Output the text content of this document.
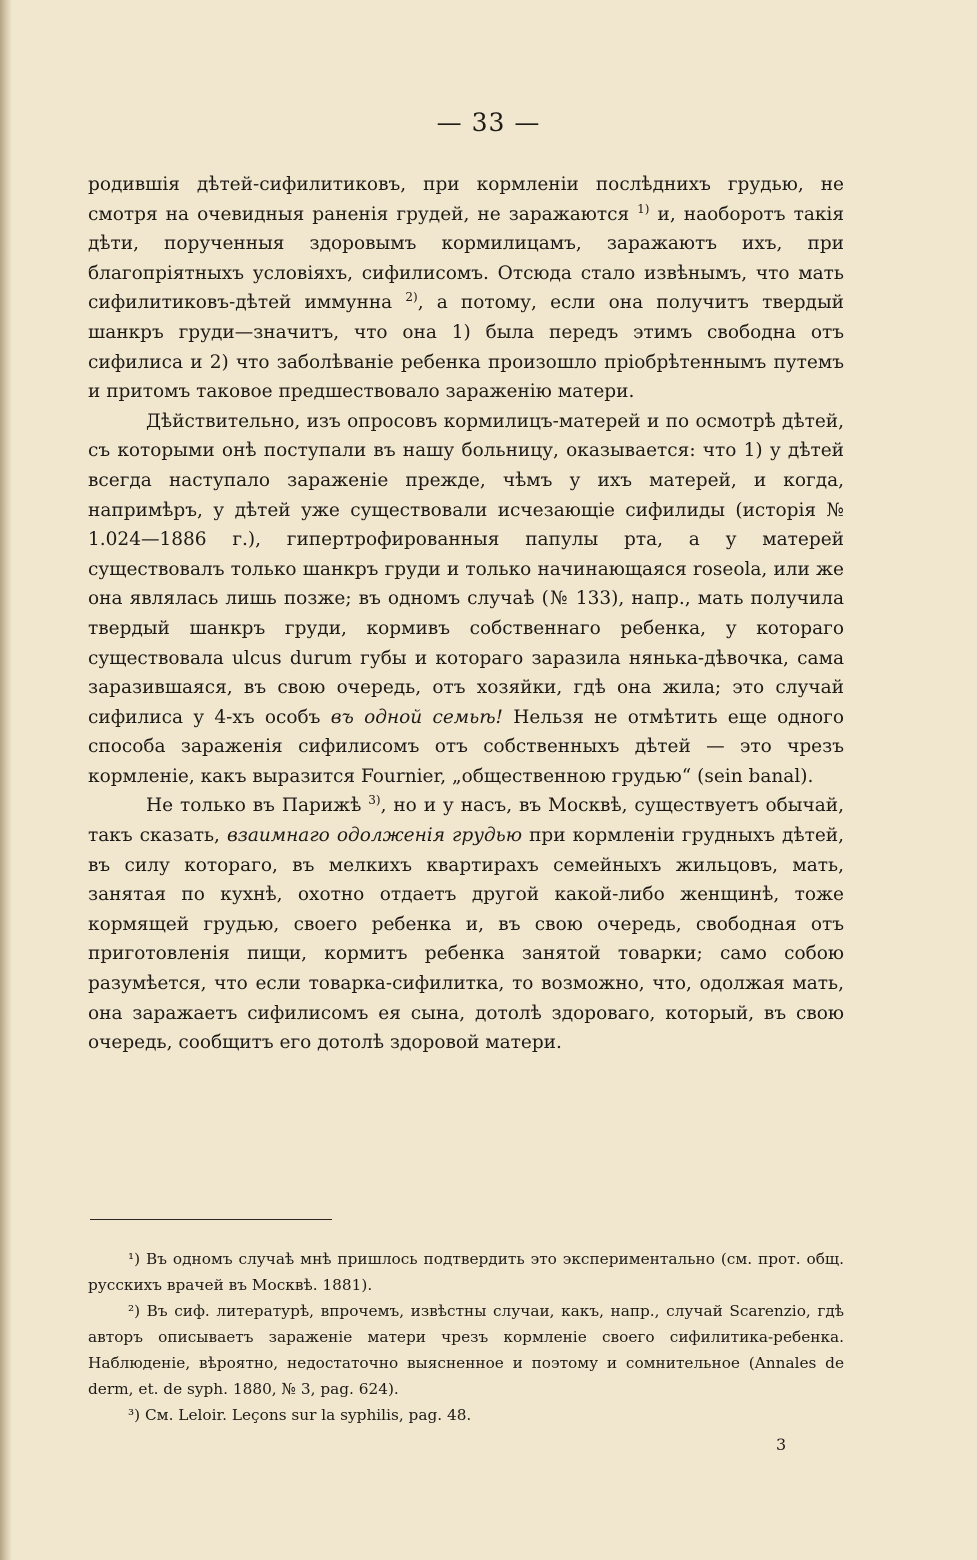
— 33 —

родившія дѣтей-сифилитиковъ, при кормленіи послѣднихъ грудью, не смотря на очевидныя раненія грудей, не заражаются $^{1)}$ и, наоборотъ такія дѣти, порученныя здоровымъ кормилицамъ, заражаютъ ихъ, при благопріятныхъ условіяхъ, сифилисомъ. Отсюда стало извѣнымъ, что мать сифилитиковъ-дѣтей иммунна $^{2)}$, а потому, если она получитъ твердый шанкръ груди—значитъ, что она 1) была передъ этимъ свободна отъ сифилиса и 2) что заболѣваніе ребенка произошло пріобрѣтеннымъ путемъ и притомъ таковое предшествовало зараженію матери.

Дѣйствительно, изъ опросовъ кормилицъ-матерей и по осмотрѣ дѣтей, съ которыми онѣ поступали въ нашу больницу, оказывается: что 1) у дѣтей всегда наступало зараженіе прежде, чѣмъ у ихъ матерей, и когда, напримѣръ, у дѣтей уже существовали исчезающіе сифилиды (исторія № 1.024—1886 г.), гипертрофированныя папулы рта, а у матерей существовалъ только шанкръ груди и только начинающаяся roseola, или же она являлась лишь позже; въ одномъ случаѣ (№ 133), напр., мать получила твердый шанкръ груди, кормивъ собственнаго ребенка, у котораго существовала ulcus durum губы и котораго заразила нянька-дѣвочка, сама заразившаяся, въ свою очередь, отъ хозяйки, гдѣ она жила; это случай сифилиса у 4-хъ особъ въ одной семьѣ! Нельзя не отмѣтить еще одного способа зараженія сифилисомъ отъ собственныхъ дѣтей — это чрезъ кормленіе, какъ выразится Fournier, „общественною грудью“ (sein banal).

Не только въ Парижѣ $^{3)}$, но и у насъ, въ Москвѣ, существуетъ обычай, такъ сказать, взаимнаго одолженія грудью при кормленіи грудныхъ дѣтей, въ силу котораго, въ мелкихъ квартирахъ семейныхъ жильцовъ, мать, занятая по кухнѣ, охотно отдаетъ другой какой-либо женщинѣ, тоже кормящей грудью, своего ребенка и, въ свою очередь, свободная отъ приготовленія пищи, кормитъ ребенка занятой товарки; само собою разумѣется, что если товарка-сифилитка, то возможно, что, одолжая мать, она заражаетъ сифилисомъ ея сына, дотолѣ здороваго, который, въ свою очередь, сообщитъ его дотолѣ здоровой матери.

¹) Въ одномъ случаѣ мнѣ пришлось подтвердить это экспериментально (см. прот. общ. русскихъ врачей въ Москвѣ. 1881).

²) Въ сиф. литературѣ, впрочемъ, извѣстны случаи, какъ, напр., случай Scarenzio, гдѣ авторъ описываетъ зараженіе матери чрезъ кормленіе своего сифилитика-ребенка. Наблюденіе, вѣроятно, недостаточно выясненное и поэтому и сомнительное (Annales de derm, et. de syph. 1880, № 3, pag. 624).

³) См. Leloir. Leçons sur la syphilis, pag. 48.

3
